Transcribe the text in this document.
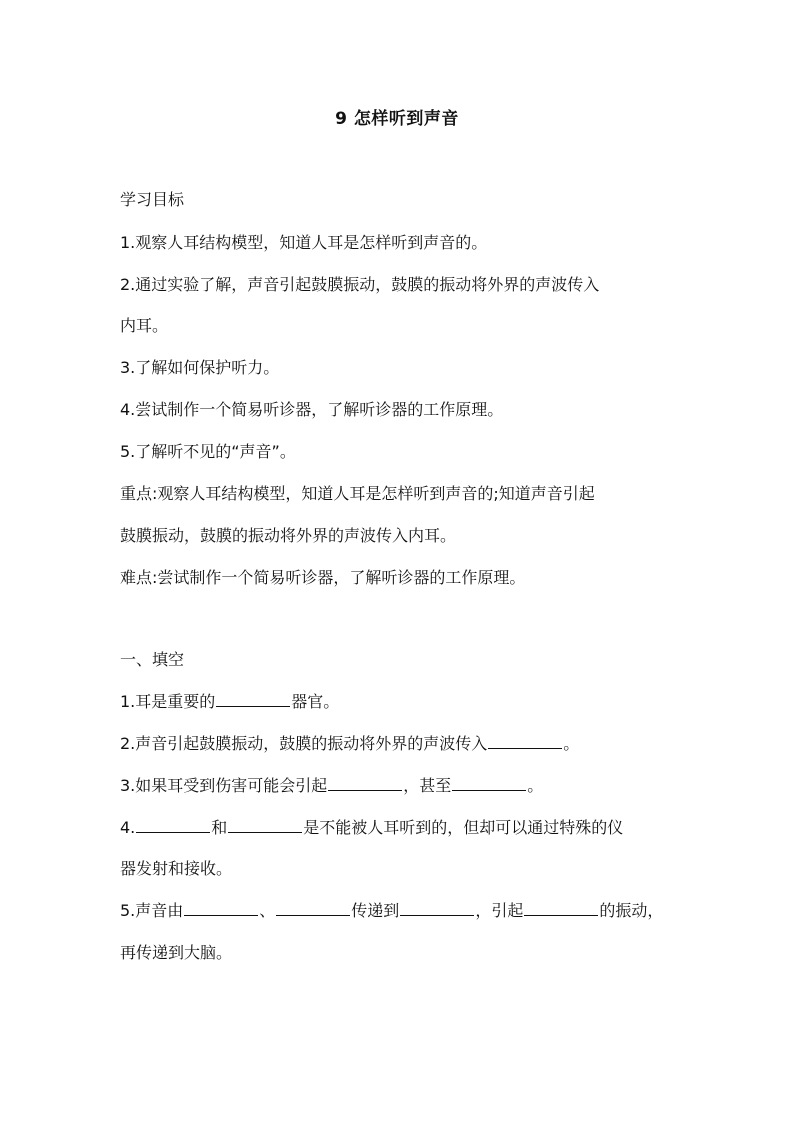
9 怎样听到声音
学习目标
1.观察人耳结构模型，知道人耳是怎样听到声音的。
2.通过实验了解，声音引起鼓膜振动，鼓膜的振动将外界的声波传入
内耳。
3.了解如何保护听力。
4.尝试制作一个简易听诊器，了解听诊器的工作原理。
5.了解听不见的“声音”。
重点:观察人耳结构模型，知道人耳是怎样听到声音的;知道声音引起
鼓膜振动，鼓膜的振动将外界的声波传入内耳。
难点:尝试制作一个简易听诊器，了解听诊器的工作原理。
一、填空
1.耳是重要的	器官。
2.声音引起鼓膜振动，鼓膜的振动将外界的声波传入	。
3.如果耳受到伤害可能会引起	，甚至	。
4.	和	是不能被人耳听到的，但却可以通过特殊的仪
器发射和接收。
5.声音由	、	传递到	，引起	的振动，
再传递到大脑。
